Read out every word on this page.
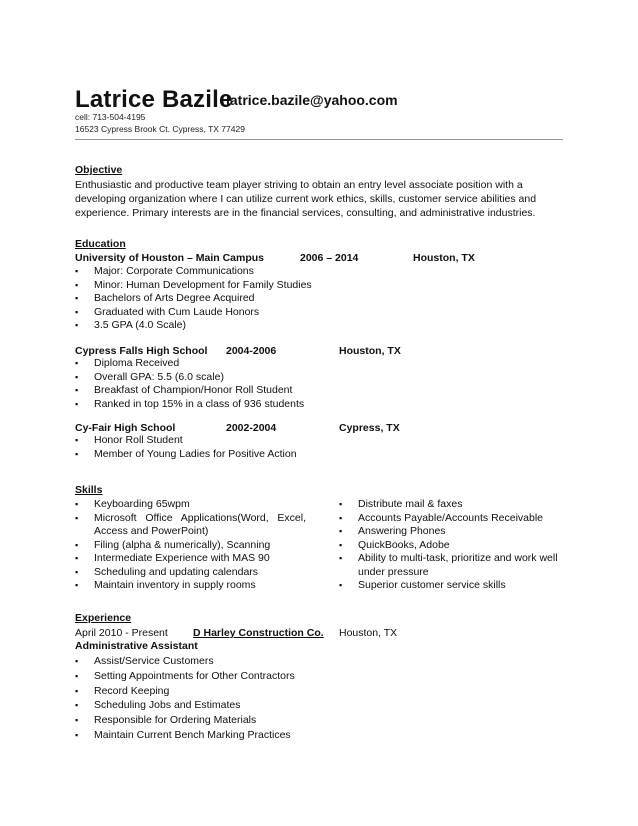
Latrice Bazile
latrice.bazile@yahoo.com
cell: 713-504-4195
16523 Cypress Brook Ct. Cypress, TX 77429
Objective
Enthusiastic and productive team player striving to obtain an entry level associate position with a
developing organization where I can utilize current work ethics, skills, customer service abilities and
experience. Primary interests are in the financial services, consulting, and administrative industries.
Education
University of Houston – Main Campus	2006 – 2014	Houston, TX
▪ Major: Corporate Communications
▪ Minor: Human Development for Family Studies
▪ Bachelors of Arts Degree Acquired
▪ Graduated with Cum Laude Honors
▪ 3.5 GPA (4.0 Scale)
Cypress Falls High School 2004-2006	Houston, TX
▪ Diploma Received
▪ Overall GPA: 5.5 (6.0 scale)
▪ Breakfast of Champion/Honor Roll Student
▪ Ranked in top 15% in a class of 936 students
Cy-Fair High School	2002-2004	Cypress, TX
▪ Honor Roll Student
▪ Member of Young Ladies for Positive Action
Skills
▪ Keyboarding 65wpm
▪ Microsoft   Office   Applications(Word,   Excel,
Access and PowerPoint)
▪ Filing (alpha & numerically), Scanning
▪ Intermediate Experience with MAS 90
▪ Scheduling and updating calendars
▪ Maintain inventory in supply rooms
▪ Distribute mail & faxes
▪ Accounts Payable/Accounts Receivable
▪ Answering Phones
▪ QuickBooks, Adobe
▪ Ability to multi-task, prioritize and work well
under pressure
▪ Superior customer service skills
Experience
April 2010 - Present D Harley Construction Co. Houston, TX
Administrative Assistant
▪ Assist/Service Customers
▪ Setting Appointments for Other Contractors
▪ Record Keeping
▪ Scheduling Jobs and Estimates
▪ Responsible for Ordering Materials
▪ Maintain Current Bench Marking Practices
